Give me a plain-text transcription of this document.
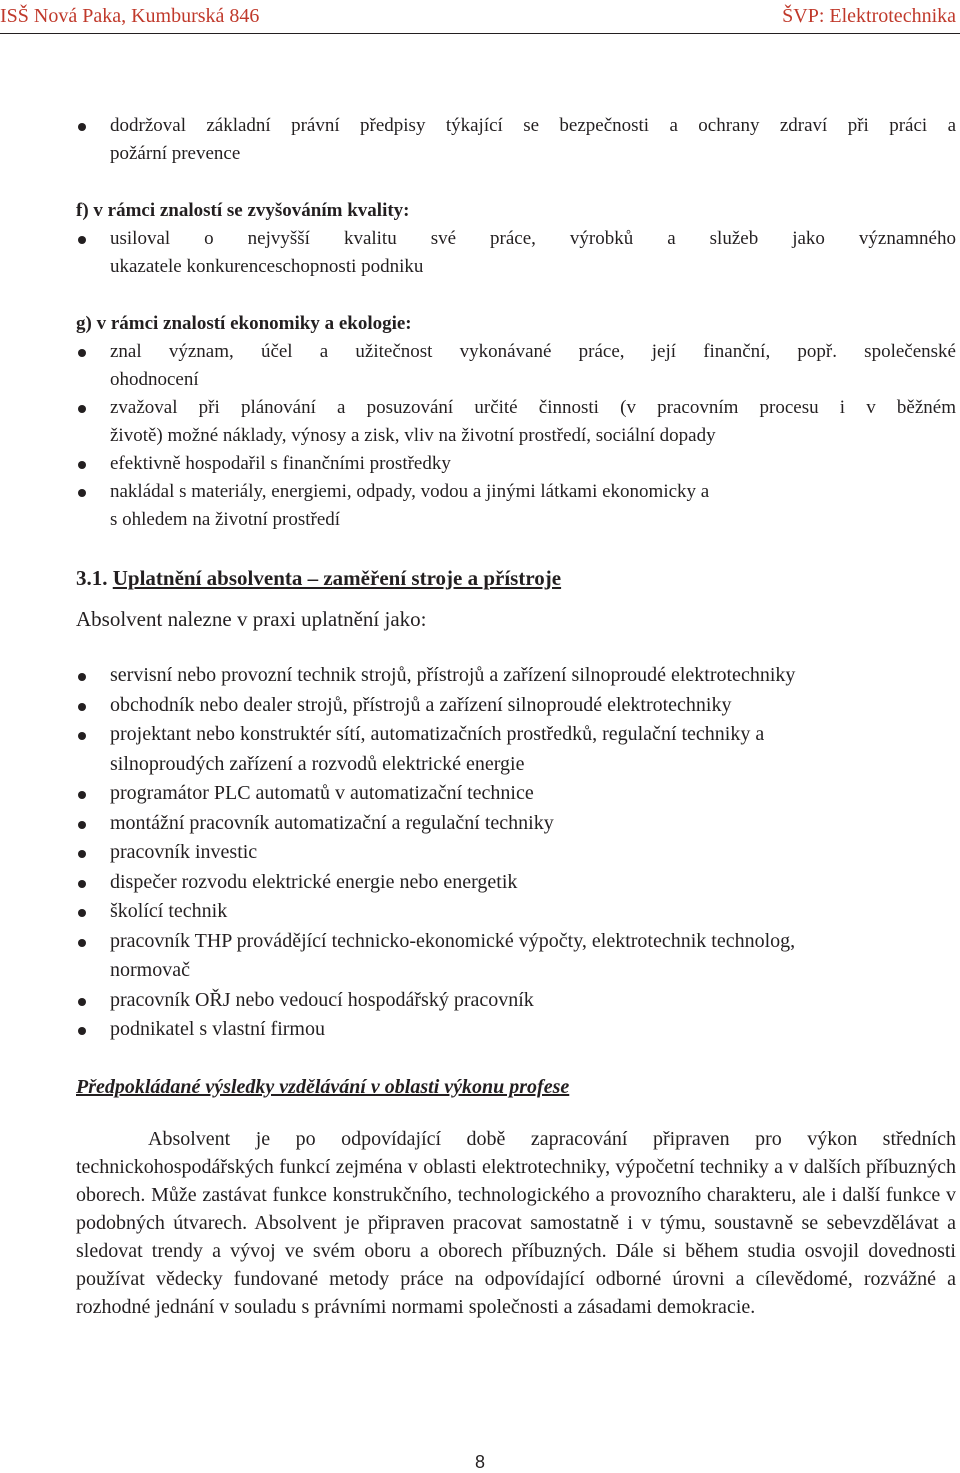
ISŠ Nová Paka, Kumburská 846	ŠVP: Elektrotechnika
dodržoval základní právní předpisy týkající se bezpečnosti a ochrany zdraví při práci a
požární prevence
f) v rámci znalostí se zvyšováním kvality:
usiloval o nejvyšší kvalitu své práce, výrobků a služeb jako významného
ukazatele konkurenceschopnosti podniku
g) v rámci znalostí ekonomiky a ekologie:
znal význam, účel a užitečnost vykonávané práce, její finanční, popř. společenské
ohodnocení
zvažoval při plánování a posuzování určité činnosti (v pracovním procesu i v běžném
životě) možné náklady, výnosy a zisk, vliv na životní prostředí, sociální dopady
efektivně hospodařil s finančními prostředky
nakládal s materiály, energiemi, odpady, vodou a jinými látkami ekonomicky a
s ohledem na životní prostředí
3.1. Uplatnění absolventa – zaměření stroje a přístroje
Absolvent nalezne v praxi uplatnění jako:
servisní nebo provozní technik strojů, přístrojů a zařízení silnoproudé elektrotechniky
obchodník nebo dealer strojů, přístrojů a zařízení silnoproudé elektrotechniky
projektant nebo konstruktér sítí, automatizačních prostředků, regulační techniky a
silnoproudých zařízení a rozvodů elektrické energie
programátor PLC automatů v automatizační technice
montážní pracovník automatizační a regulační techniky
pracovník investic
dispečer rozvodu elektrické energie nebo energetik
školící technik
pracovník THP provádějící technicko-ekonomické výpočty, elektrotechnik technolog,
normovač
pracovník OŘJ nebo vedoucí hospodářský pracovník
podnikatel s vlastní firmou
Předpokládané výsledky vzdělávání v oblasti výkonu profese
Absolvent je po odpovídající době zapracování připraven pro výkon středních technickohospodářských funkcí zejména v oblasti elektrotechniky, výpočetní techniky a v dalších příbuzných oborech. Může zastávat funkce konstrukčního, technologického a provozního charakteru, ale i další funkce v podobných útvarech. Absolvent je připraven pracovat samostatně i v týmu, soustavně se sebevzdělávat a sledovat trendy a vývoj ve svém oboru a oborech příbuzných. Dále si během studia osvojil dovednosti používat vědecky fundované metody práce na odpovídající odborné úrovni a cílevědomé, rozvážné a rozhodné jednání v souladu s právními normami společnosti a zásadami demokracie.
8
